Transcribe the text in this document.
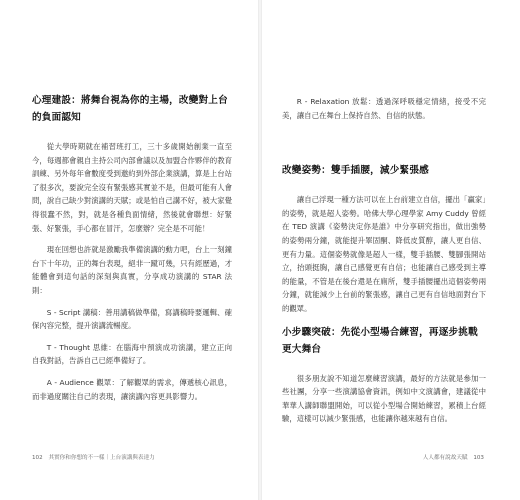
心理建設：將舞台視為你的主場，改變對上台的負面認知

從大學時期就在補習班打工，三十多歲開始創業一直至今，每週都會親自主持公司內部會議以及加盟合作夥伴的教育訓練、另外每年會數度受到邀約到外部企業演講，算是上台站了很多次，要說完全沒有緊張感其實並不是，但最可能有人會問，說自己缺少對演講的天賦；或是怕自己講不好，被大家覺得很蠢不然，對，就是各種負面情緒，然後就會聯想：好緊張、好緊張，手心都在冒汗，怎麼辦？完全是不可能！

現在回想也許就是激勵我準備演講的動力吧，台上一刻鐘台下十年功，正的舞台表現，絕非一蹴可幾，只有經歷過，才能體會到這句話的深刻與真實，分享成功演講的 STAR 法則：

S - Script 講稿：善用講稿做準備，寫講稿時要邏輯、確保內容完整，提升演講流暢度。

T - Thought 思維：在腦海中預演成功演講，建立正向自我對話，告訴自己已經準備好了。

A - Audience 觀眾：了解觀眾的需求，傳遞核心訊息，而非過度關注自己的表現，讓演講內容更具影響力。

102 其實你和你想的不一樣｜上台演講與表達力

R - Relaxation 放鬆：透過深呼吸穩定情緒，接受不完美，讓自己在舞台上保持自然、自信的狀態。

改變姿勢：雙手插腰，減少緊張感

讓自己浮現一種方法可以在上台前建立自信，擺出「贏家」的姿勢，就是超人姿勢。哈佛大學心理學家 Amy Cuddy 曾經在 TED 演講《姿勢決定你是誰》中分享研究指出，做出強勢的姿勢兩分鐘，就能提升睪固酮、降低皮質醇，讓人更自信、更有力量。這個姿勢就像是超人一樣，雙手插腰、雙腳張開站立，抬頭挺胸，讓自己感覺更有自信；也能讓自己感受到主導的能量，不管是在後台還是在廁所，雙手插腰擺出這個姿勢兩分鐘，就能減少上台前的緊張感，讓自己更有自信地面對台下的觀眾。

小步驟突破：先從小型場合練習，再逐步挑戰更大舞台

很多朋友說不知道怎麼練習演講，最好的方法就是參加一些社團，分享一些演講協會資訊，例如中文演講會，建議從中華華人講師聯盟開始，可以從小型場合開始練習，累積上台經驗，這樣可以減少緊張感，也能讓你越來越有自信。

人人都有說故天賦 103
